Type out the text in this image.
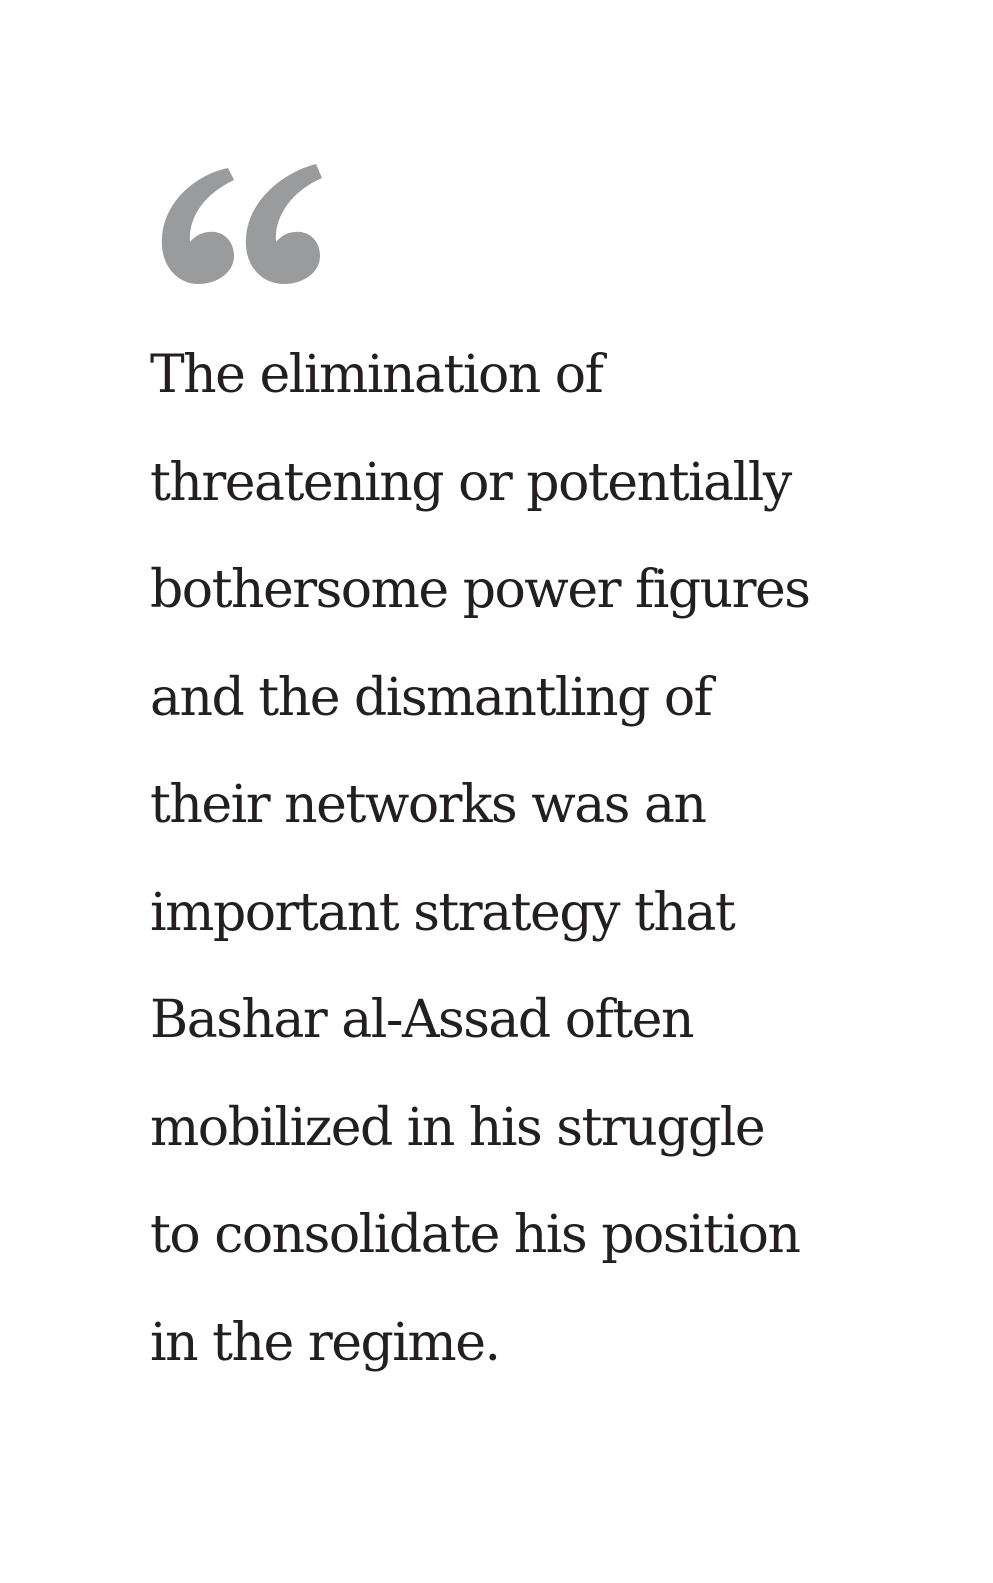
The elimination of
threatening or potentially
bothersome power figures
and the dismantling of
their networks was an
important strategy that
Bashar al-Assad often
mobilized in his struggle
to consolidate his position
in the regime.
